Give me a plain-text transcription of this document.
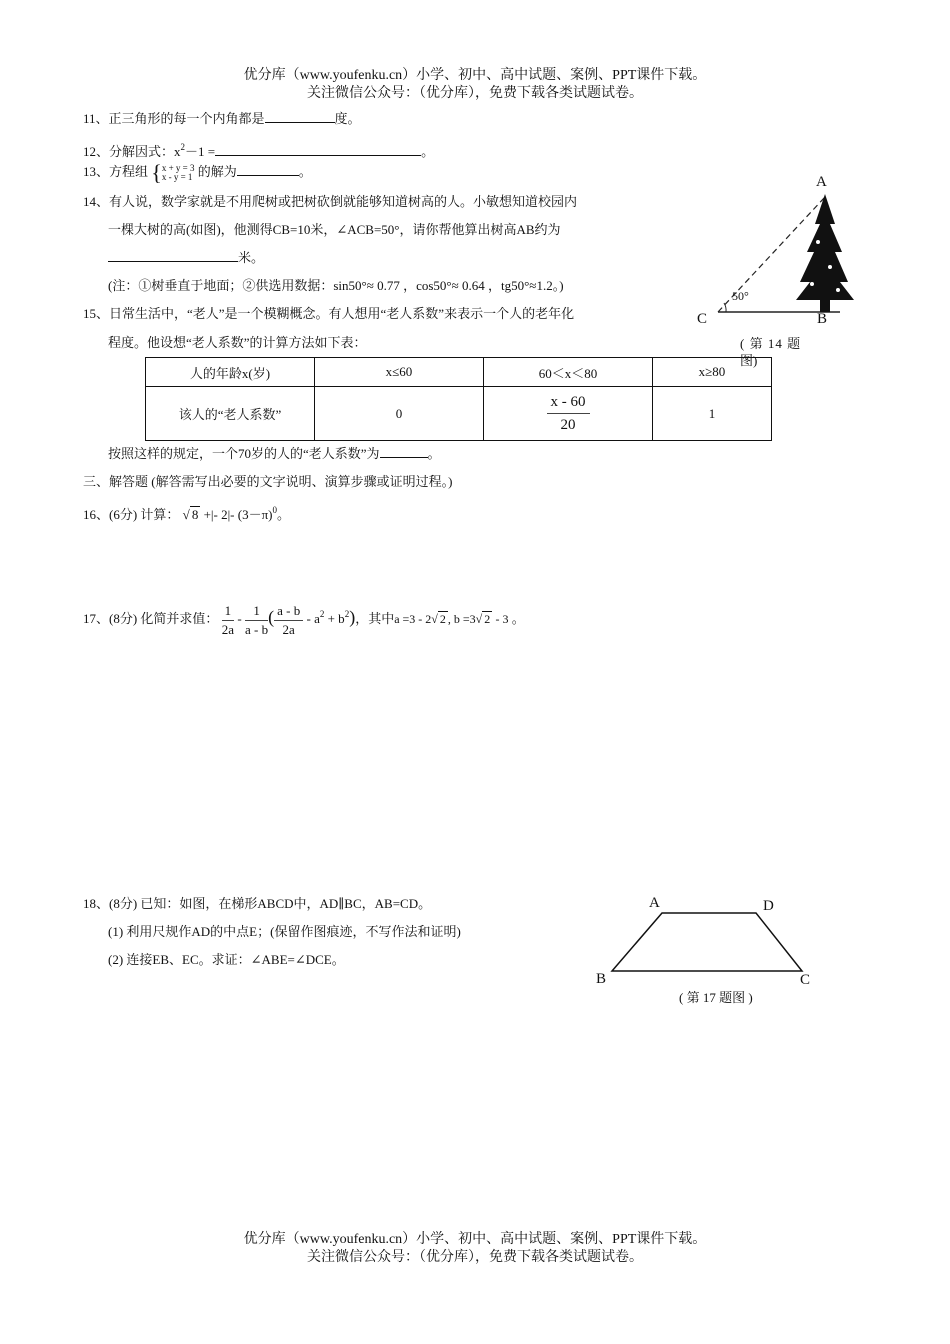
优分库（www.youfenku.cn）小学、初中、高中试题、案例、PPT课件下载。
关注微信公众号：（优分库），免费下载各类试题试卷。
11、正三角形的每一个内角都是	度。
12、分解因式：$x^2-1$ =	。
13、方程组 { x + y = 3
x - y = 1 的解为	。
14、有人说，数学家就是不用爬树或把树砍倒就能够知道树高的人。小敏想知道校园内
一棵大树的高(如图)，他测得CB=10米，∠ACB=50°，请你帮他算出树高AB约为
米。
(注：①树垂直于地面；②供选用数据：sin50°≈ 0.77 ，cos50°≈ 0.64 ，tg50°≈1.2。)
A
B
C
50°
( 第 14 题
图)
15、日常生活中，“老人”是一个模糊概念。有人想用“老人系数”来表示一个人的老年化
程度。他设想“老人系数”的计算方法如下表：
人的年龄x(岁)	x≤60	60＜x＜80	x≥80
该人的“老人系数”	0	$\frac{x - 60}{20}$	1
按照这样的规定，一个70岁的人的“老人系数”为	。
三、解答题 (解答需写出必要的文字说明、演算步骤或证明过程。)
16、(6分) 计算： √ 8 +|- 2|- $(3-\pi)^0$。
17、(8分) 化简并求值： $\frac{1}{2a} - \frac{1}{a - b}$ ( $\frac{a - b}{2a} - a^2 + b^2$)，其中a =3 - 2√ 2 , b =3√ 2 - 3 。
18、(8分) 已知：如图，在梯形ABCD中，AD∥BC，AB=CD。
(1) 利用尺规作AD的中点E；(保留作图痕迹，不写作法和证明)
(2) 连接EB、EC。求证：∠ABE=∠DCE。
A	D
B	C
( 第 17 题图 )
优分库（www.youfenku.cn）小学、初中、高中试题、案例、PPT课件下载。
关注微信公众号：（优分库），免费下载各类试题试卷。
